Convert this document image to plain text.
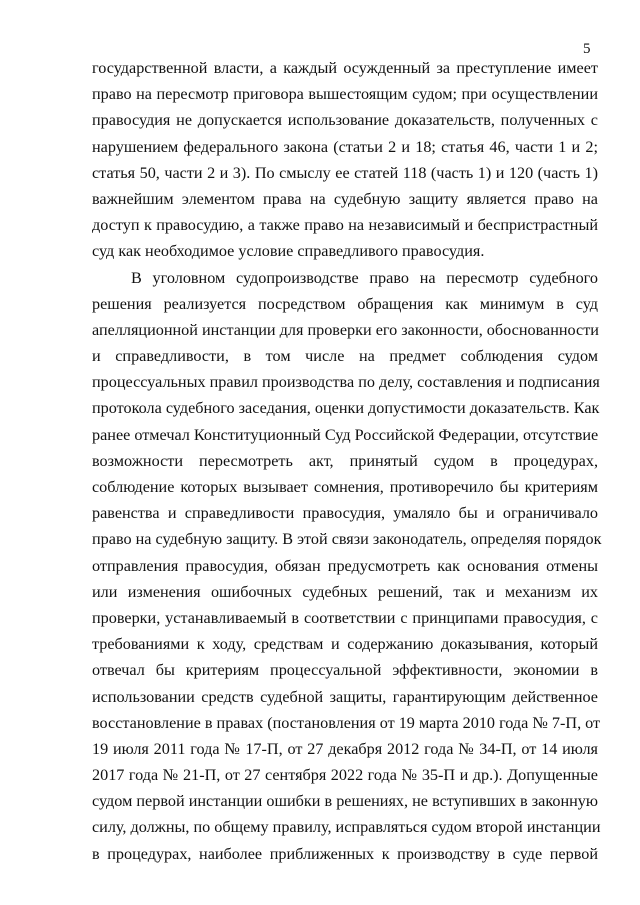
5
государственной власти, а каждый осужденный за преступление имеет
право на пересмотр приговора вышестоящим судом; при осуществлении
правосудия не допускается использование доказательств, полученных с
нарушением федерального закона (статьи 2 и 18; статья 46, части 1 и 2;
статья 50, части 2 и 3). По смыслу ее статей 118 (часть 1) и 120 (часть 1)
важнейшим элементом права на судебную защиту является право на
доступ к правосудию, а также право на независимый и беспристрастный
суд как необходимое условие справедливого правосудия.
В уголовном судопроизводстве право на пересмотр судебного
решения реализуется посредством обращения как минимум в суд
апелляционной инстанции для проверки его законности, обоснованности
и справедливости, в том числе на предмет соблюдения судом
процессуальных правил производства по делу, составления и подписания
протокола судебного заседания, оценки допустимости доказательств. Как
ранее отмечал Конституционный Суд Российской Федерации, отсутствие
возможности пересмотреть акт, принятый судом в процедурах,
соблюдение которых вызывает сомнения, противоречило бы критериям
равенства и справедливости правосудия, умаляло бы и ограничивало
право на судебную защиту. В этой связи законодатель, определяя порядок
отправления правосудия, обязан предусмотреть как основания отмены
или изменения ошибочных судебных решений, так и механизм их
проверки, устанавливаемый в соответствии с принципами правосудия, с
требованиями к ходу, средствам и содержанию доказывания, который
отвечал бы критериям процессуальной эффективности, экономии в
использовании средств судебной защиты, гарантирующим действенное
восстановление в правах (постановления от 19 марта 2010 года № 7-П, от
19 июля 2011 года № 17-П, от 27 декабря 2012 года № 34-П, от 14 июля
2017 года № 21-П, от 27 сентября 2022 года № 35-П и др.). Допущенные
судом первой инстанции ошибки в решениях, не вступивших в законную
силу, должны, по общему правилу, исправляться судом второй инстанции
в процедурах, наиболее приближенных к производству в суде первой
